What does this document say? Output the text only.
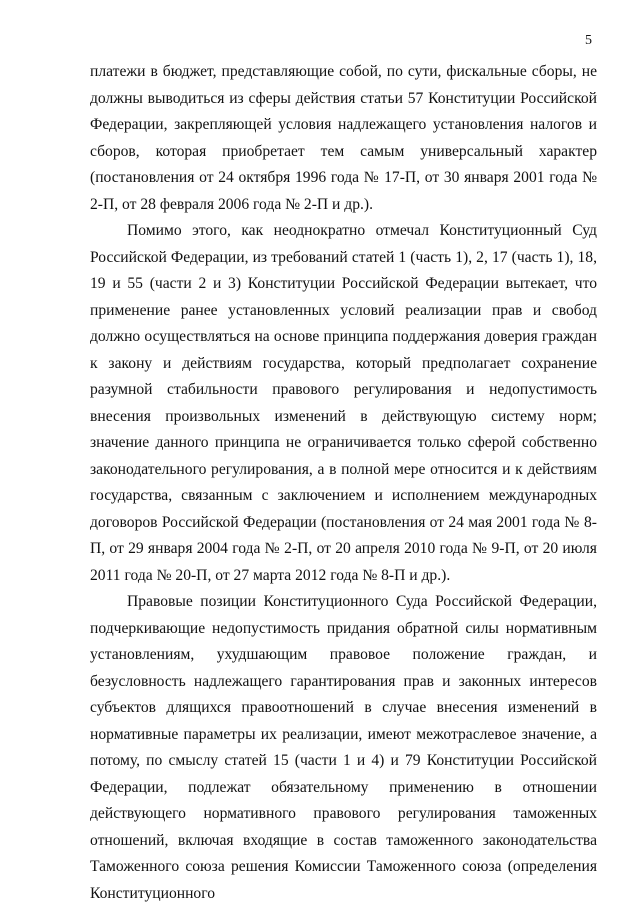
5

платежи в бюджет, представляющие собой, по сути, фискальные сборы, не должны выводиться из сферы действия статьи 57 Конституции Российской Федерации, закрепляющей условия надлежащего установления налогов и сборов, которая приобретает тем самым универсальный характер (постановления от 24 октября 1996 года № 17-П, от 30 января 2001 года № 2-П, от 28 февраля 2006 года № 2-П и др.).

Помимо этого, как неоднократно отмечал Конституционный Суд Российской Федерации, из требований статей 1 (часть 1), 2, 17 (часть 1), 18, 19 и 55 (части 2 и 3) Конституции Российской Федерации вытекает, что применение ранее установленных условий реализации прав и свобод должно осуществляться на основе принципа поддержания доверия граждан к закону и действиям государства, который предполагает сохранение разумной стабильности правового регулирования и недопустимость внесения произвольных изменений в действующую систему норм; значение данного принципа не ограничивается только сферой собственно законодательного регулирования, а в полной мере относится и к действиям государства, связанным с заключением и исполнением международных договоров Российской Федерации (постановления от 24 мая 2001 года № 8-П, от 29 января 2004 года № 2-П, от 20 апреля 2010 года № 9-П, от 20 июля 2011 года № 20-П, от 27 марта 2012 года № 8-П и др.).

Правовые позиции Конституционного Суда Российской Федерации, подчеркивающие недопустимость придания обратной силы нормативным установлениям, ухудшающим правовое положение граждан, и безусловность надлежащего гарантирования прав и законных интересов субъектов длящихся правоотношений в случае внесения изменений в нормативные параметры их реализации, имеют межотраслевое значение, а потому, по смыслу статей 15 (части 1 и 4) и 79 Конституции Российской Федерации, подлежат обязательному применению в отношении действующего нормативного правового регулирования таможенных отношений, включая входящие в состав таможенного законодательства Таможенного союза решения Комиссии Таможенного союза (определения Конституционного
